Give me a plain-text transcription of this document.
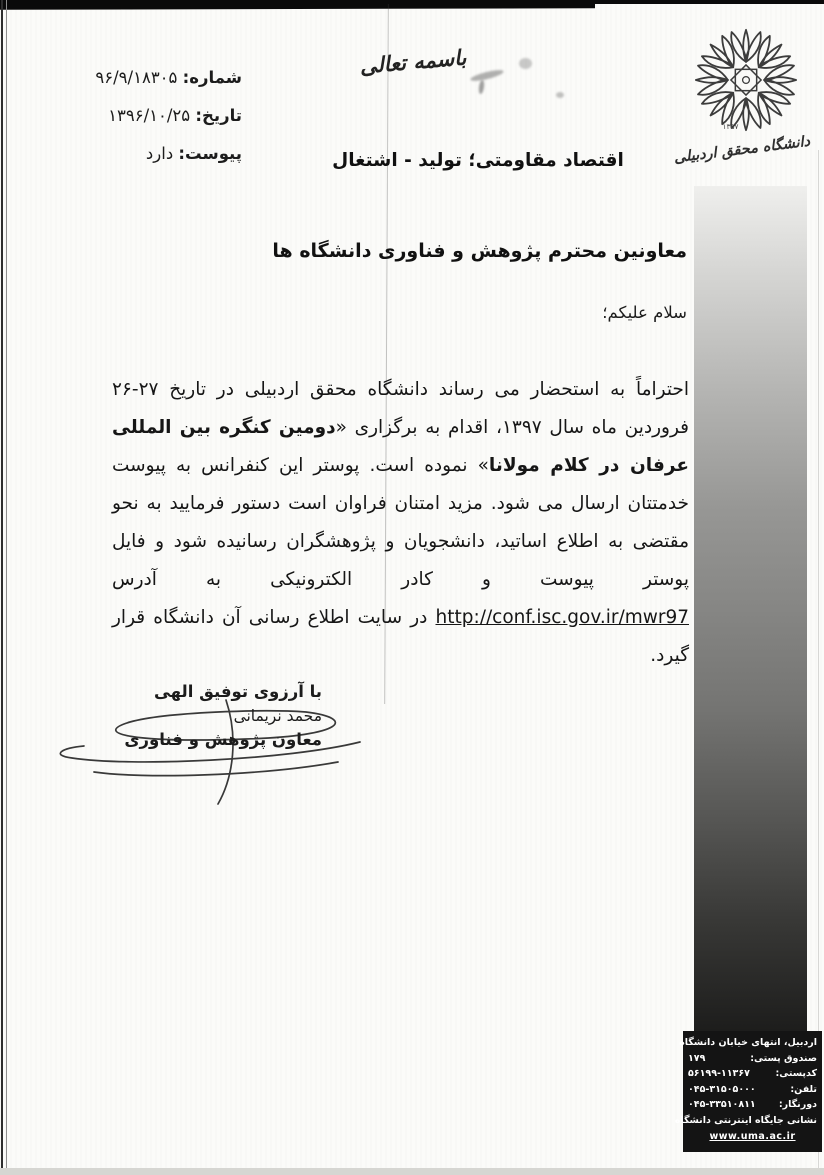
شماره: ۹۶/۹/۱۸۳۰۵
تاریخ: ۱۳۹۶/۱۰/۲۵
پیوست: دارد
باسمه تعالی
اقتصاد مقاومتی؛ تولید - اشتغال
۱۳۵۷
دانشگاه محقق اردبیلی
معاونین محترم پژوهش و فناوری دانشگاه ها
سلام علیکم؛

احتراماً به استحضار می رساند دانشگاه محقق اردبیلی در تاریخ ۲۷-۲۶ فروردین ماه سال ۱۳۹۷، اقدام به برگزاری «دومین کنگره بین المللی عرفان در کلام مولانا» نموده است. پوستر این کنفرانس به پیوست خدمتتان ارسال می شود. مزید امتنان فراوان است دستور فرمایید به نحو مقتضی به اطلاع اساتید، دانشجویان و پژوهشگران رسانیده شود و فایل پوستر پیوست و کادر الکترونیکی به آدرس http://conf.isc.gov.ir/mwr97 در سایت اطلاع رسانی آن دانشگاه قرار گیرد.

با آرزوی توفیق الهی
محمد نریمانی
معاون پژوهش و فناوری
اردبیل، انتهای خیابان دانشگاه
صندوق پستی:
۱۷۹
کدپستی:
۵۶۱۹۹-۱۱۳۶۷
تلفن:
۰۴۵-۳۱۵۰۵۰۰۰
دورنگار:
۰۴۵-۳۳۵۱۰۸۱۱
نشانی جایگاه اینترنتی دانشگاه
www.uma.ac.ir
